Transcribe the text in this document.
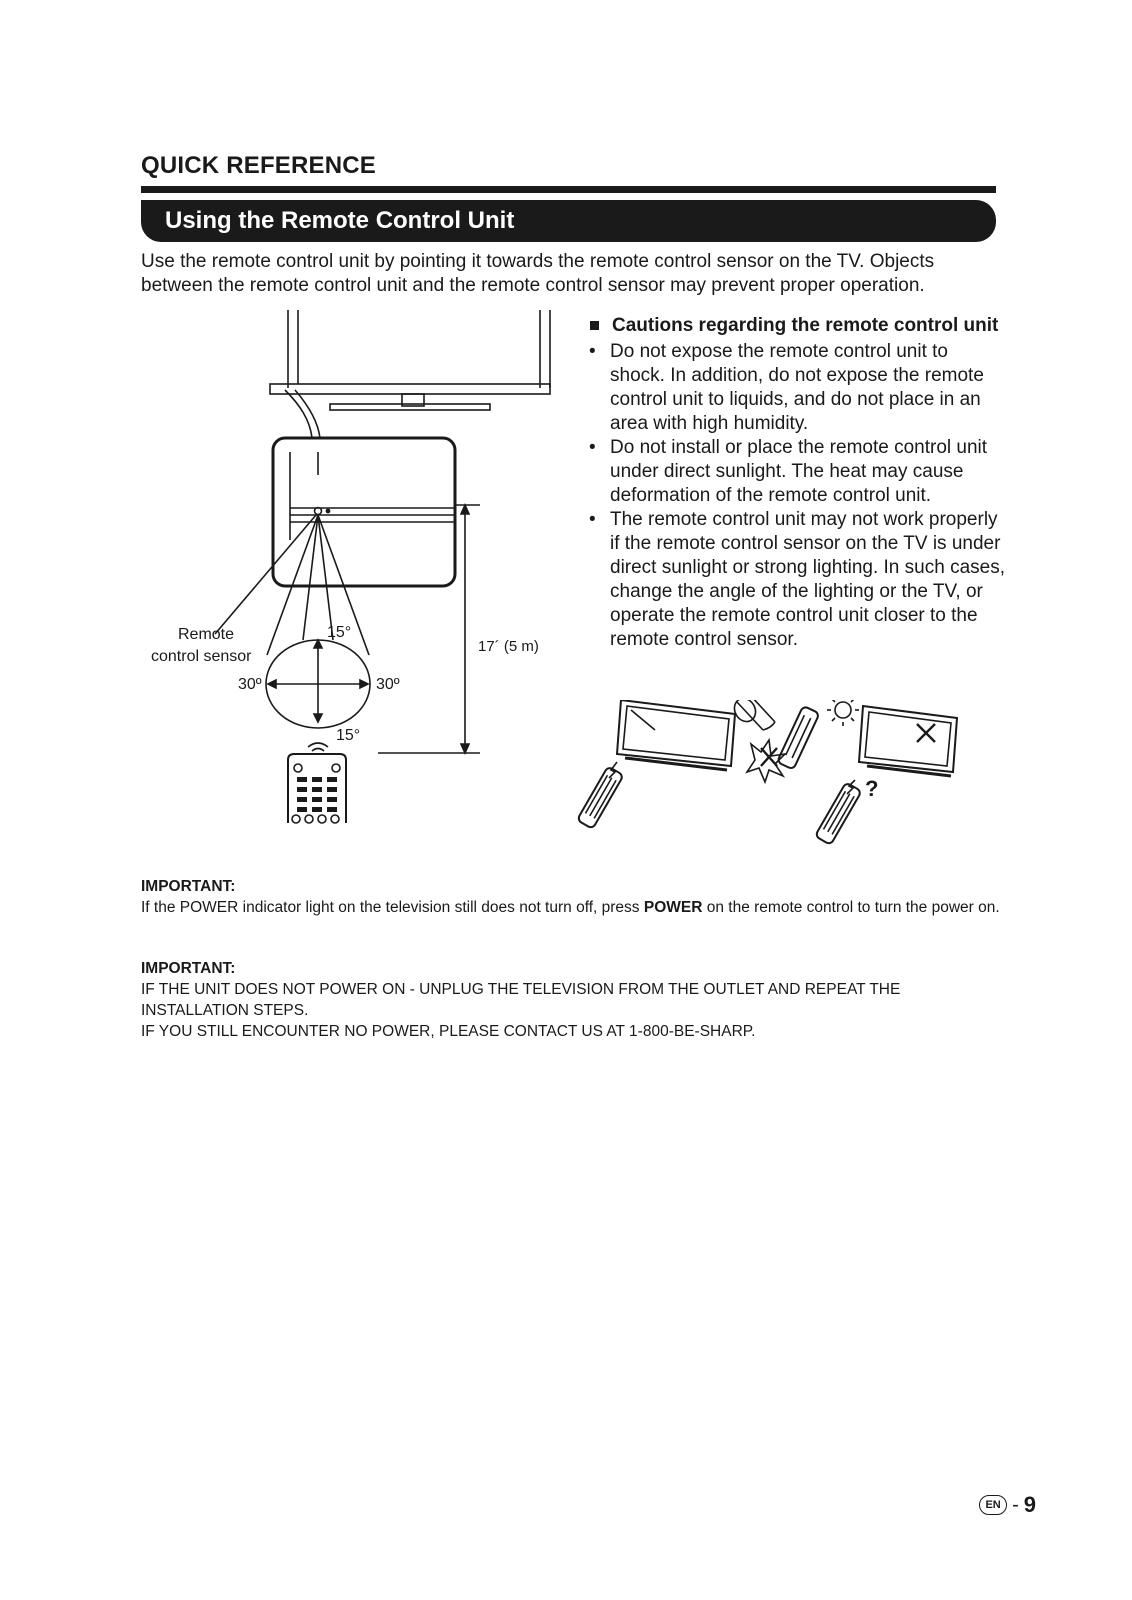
QUICK REFERENCE
Using the Remote Control Unit
Use the remote control unit by pointing it towards the remote control sensor on the TV. Objects between the remote control unit and the remote control sensor may prevent proper operation.
Remote
control sensor
15°
30º	30º
15°
17´ (5 m)
Cautions regarding the remote control unit
• Do not expose the remote control unit to shock. In addition, do not expose the remote control unit to liquids, and do not place in an area with high humidity.
• Do not install or place the remote control unit under direct sunlight. The heat may cause deformation of the remote control unit.
• The remote control unit may not work properly if the remote control sensor on the TV is under direct sunlight or strong lighting. In such cases, change the angle of the lighting or the TV, or operate the remote control unit closer to the remote control sensor.
?

IMPORTANT:

If the POWER indicator light on the television still does not turn off, press POWER on the remote control to turn the power on.

IMPORTANT:

IF THE UNIT DOES NOT POWER ON - UNPLUG THE TELEVISION FROM THE OUTLET AND REPEAT THE INSTALLATION STEPS.

IF YOU STILL ENCOUNTER NO POWER, PLEASE CONTACT US AT 1-800-BE-SHARP.

EN - 9
